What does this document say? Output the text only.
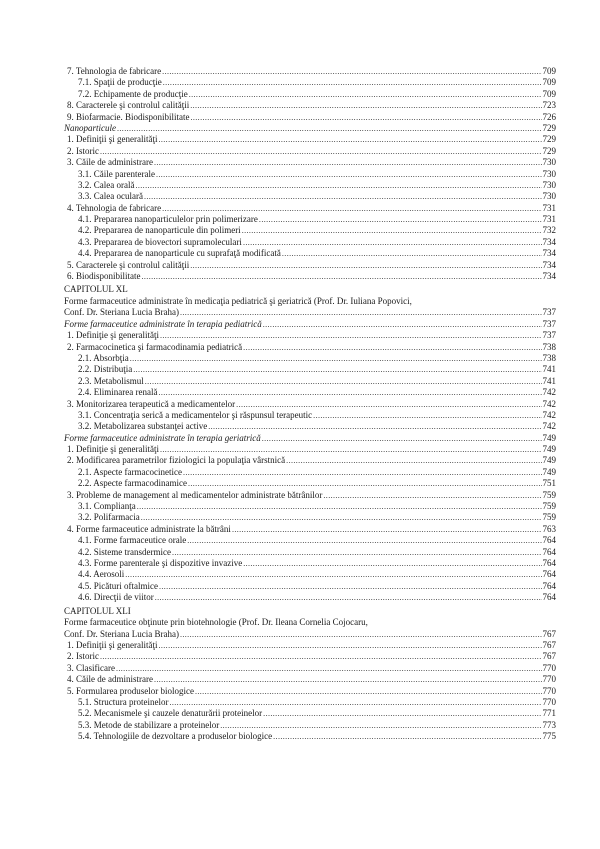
7. Tehnologia de fabricare .....	709
7.1. Spaţii de producţie .....	709
7.2. Echipamente de producţie .....	709
8. Caracterele şi controlul calităţii .....	723
9. Biofarmacie. Biodisponibilitate .....	726
Nanoparticule .....	729
1. Definiţii şi generalităţi .....	729
2. Istoric .....	729
3. Căile de administrare .....	730
3.1. Căile parenterale .....	730
3.2. Calea orală .....	730
3.3. Calea oculară .....	730
4. Tehnologia de fabricare .....	731
4.1. Prepararea nanoparticulelor prin polimerizare .....	731
4.2. Prepararea de nanoparticule din polimeri .....	732
4.3. Prepararea de biovectori supramoleculari .....	734
4.4. Prepararea de nanoparticule cu suprafaţă modificată .....	734
5. Caracterele şi controlul calităţii .....	734
6. Biodisponibilitate .....	734
CAPITOLUL XL
Forme farmaceutice administrate în medicaţia pediatrică şi geriatrică (Prof. Dr. Iuliana Popovici,
Conf. Dr. Steriana Lucia Braha) .....	737
Forme farmaceutice administrate în terapia pediatrică .....	737
1. Definiţie şi generalităţi .....	737
2. Farmacocinetica şi farmacodinamia pediatrică .....	738
2.1. Absorbţia .....	738
2.2. Distribuţia .....	741
2.3. Metabolismul .....	741
2.4. Eliminarea renală .....	742
3. Monitorizarea terapeutică a medicamentelor .....	742
3.1. Concentraţia serică a medicamentelor şi răspunsul terapeutic .....	742
3.2. Metabolizarea substanţei active .....	742
Forme farmaceutice administrate în terapia geriatrică .....	749
1. Definiţie şi generalităţi .....	749
2. Modificarea parametrilor fiziologici la populaţia vârstnică .....	749
2.1. Aspecte farmacocinetice .....	749
2.2. Aspecte farmacodinamice .....	751
3. Probleme de management al medicamentelor administrate bătrânilor .....	759
3.1. Complianţa .....	759
3.2. Polifarmacia .....	759
4. Forme farmaceutice administrate la bătrâni .....	763
4.1. Forme farmaceutice orale .....	764
4.2. Sisteme transdermice .....	764
4.3. Forme parenterale şi dispozitive invazive .....	764
4.4. Aerosoli .....	764
4.5. Picături oftalmice .....	764
4.6. Direcţii de viitor .....	764
CAPITOLUL XLI
Forme farmaceutice obţinute prin biotehnologie (Prof. Dr. Ileana Cornelia Cojocaru,
Conf. Dr. Steriana Lucia Braha) .....	767
1. Definiţii şi generalităţi .....	767
2. Istoric .....	767
3. Clasificare .....	770
4. Căile de administrare .....	770
5. Formularea produselor biologice .....	770
5.1. Structura proteinelor .....	770
5.2. Mecanismele şi cauzele denaturării proteinelor .....	771
5.3. Metode de stabilizare a proteinelor .....	773
5.4. Tehnologiile de dezvoltare a produselor biologice .....	775
